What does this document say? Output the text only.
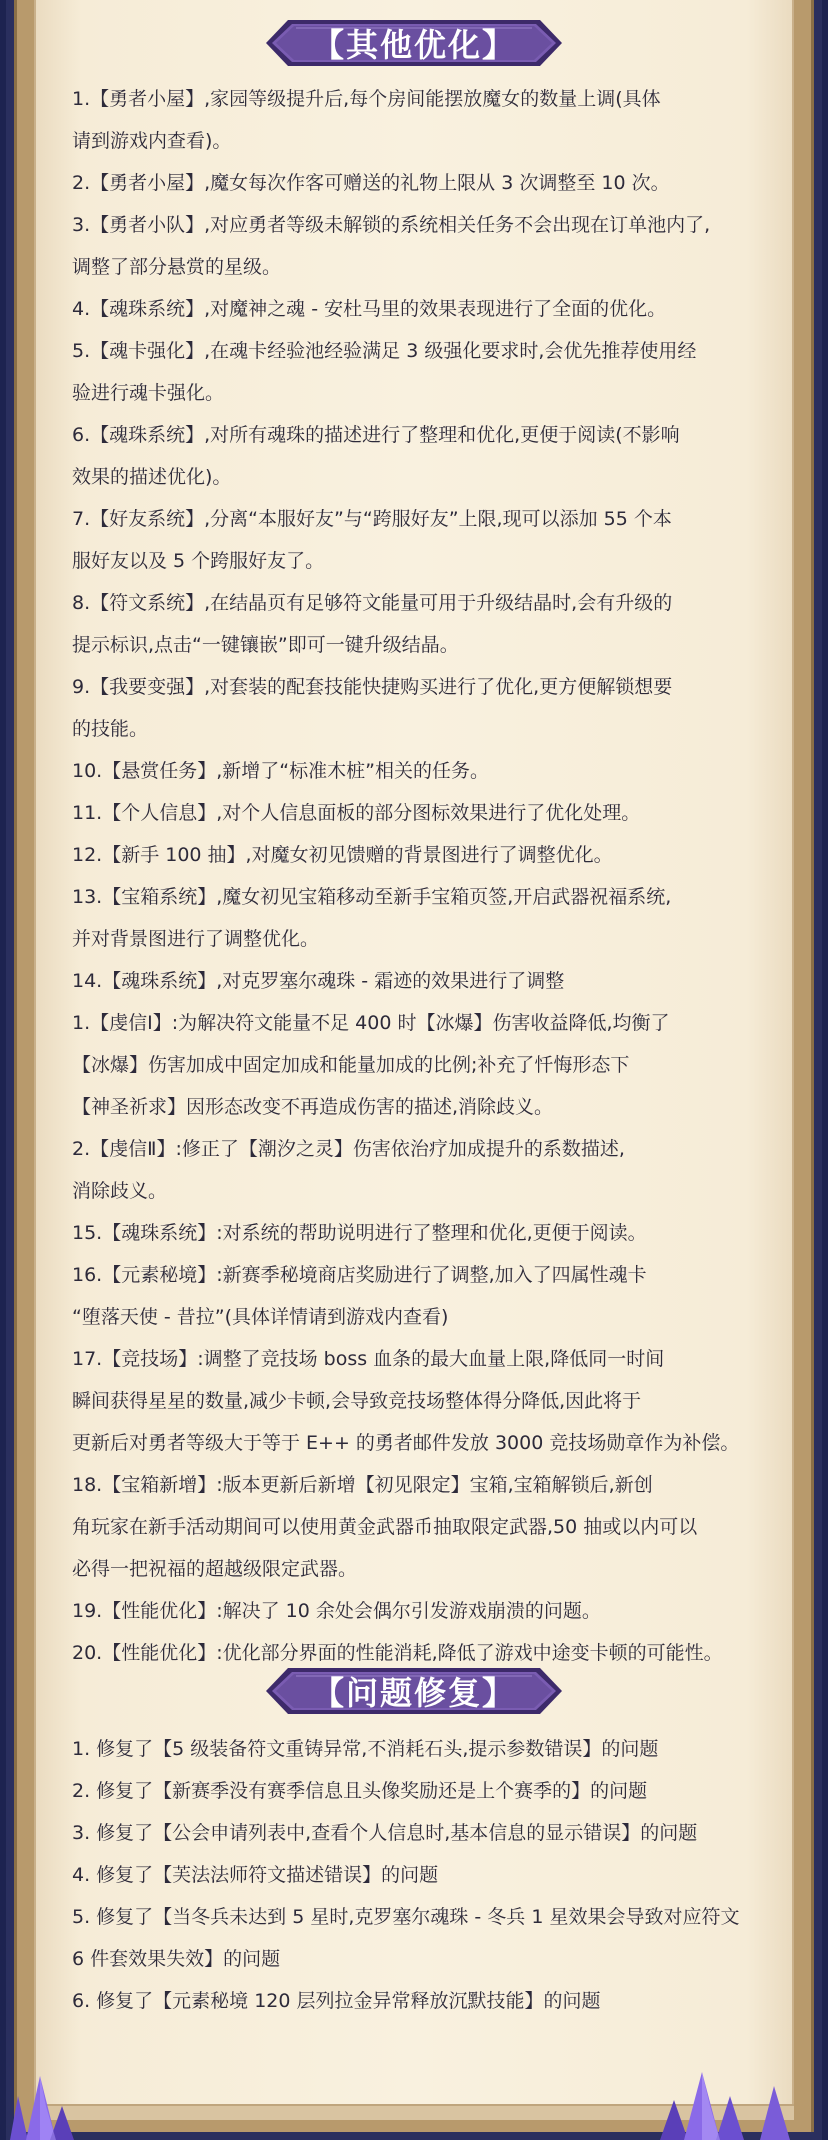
【其他优化】
1.【勇者小屋】,家园等级提升后,每个房间能摆放魔女的数量上调(具体
请到游戏内查看)。
2.【勇者小屋】,魔女每次作客可赠送的礼物上限从 3 次调整至 10 次。
3.【勇者小队】,对应勇者等级未解锁的系统相关任务不会出现在订单池内了,
调整了部分悬赏的星级。
4.【魂珠系统】,对魔神之魂 - 安杜马里的效果表现进行了全面的优化。
5.【魂卡强化】,在魂卡经验池经验满足 3 级强化要求时,会优先推荐使用经
验进行魂卡强化。
6.【魂珠系统】,对所有魂珠的描述进行了整理和优化,更便于阅读(不影响
效果的描述优化)。
7.【好友系统】,分离“本服好友”与“跨服好友”上限,现可以添加 55 个本
服好友以及 5 个跨服好友了。
8.【符文系统】,在结晶页有足够符文能量可用于升级结晶时,会有升级的
提示标识,点击“一键镶嵌”即可一键升级结晶。
9.【我要变强】,对套装的配套技能快捷购买进行了优化,更方便解锁想要
的技能。
10.【悬赏任务】,新增了“标准木桩”相关的任务。
11.【个人信息】,对个人信息面板的部分图标效果进行了优化处理。
12.【新手 100 抽】,对魔女初见馈赠的背景图进行了调整优化。
13.【宝箱系统】,魔女初见宝箱移动至新手宝箱页签,开启武器祝福系统,
并对背景图进行了调整优化。
14.【魂珠系统】,对克罗塞尔魂珠 - 霜迹的效果进行了调整
1.【虔信Ⅰ】:为解决符文能量不足 400 时【冰爆】伤害收益降低,均衡了
【冰爆】伤害加成中固定加成和能量加成的比例;补充了忏悔形态下
【神圣祈求】因形态改变不再造成伤害的描述,消除歧义。
2.【虔信Ⅱ】:修正了【潮汐之灵】伤害依治疗加成提升的系数描述,
消除歧义。
15.【魂珠系统】:对系统的帮助说明进行了整理和优化,更便于阅读。
16.【元素秘境】:新赛季秘境商店奖励进行了调整,加入了四属性魂卡
“堕落天使 - 昔拉”(具体详情请到游戏内查看)
17.【竞技场】:调整了竞技场 boss 血条的最大血量上限,降低同一时间
瞬间获得星星的数量,减少卡顿,会导致竞技场整体得分降低,因此将于
更新后对勇者等级大于等于 E++ 的勇者邮件发放 3000 竞技场勋章作为补偿。
18.【宝箱新增】:版本更新后新增【初见限定】宝箱,宝箱解锁后,新创
角玩家在新手活动期间可以使用黄金武器币抽取限定武器,50 抽或以内可以
必得一把祝福的超越级限定武器。
19.【性能优化】:解决了 10 余处会偶尔引发游戏崩溃的问题。
20.【性能优化】:优化部分界面的性能消耗,降低了游戏中途变卡顿的可能性。
【问题修复】
1. 修复了【5 级装备符文重铸异常,不消耗石头,提示参数错误】的问题
2. 修复了【新赛季没有赛季信息且头像奖励还是上个赛季的】的问题
3. 修复了【公会申请列表中,查看个人信息时,基本信息的显示错误】的问题
4. 修复了【芙法法师符文描述错误】的问题
5. 修复了【当冬兵未达到 5 星时,克罗塞尔魂珠 - 冬兵 1 星效果会导致对应符文
6 件套效果失效】的问题
6. 修复了【元素秘境 120 层列拉金异常释放沉默技能】的问题
